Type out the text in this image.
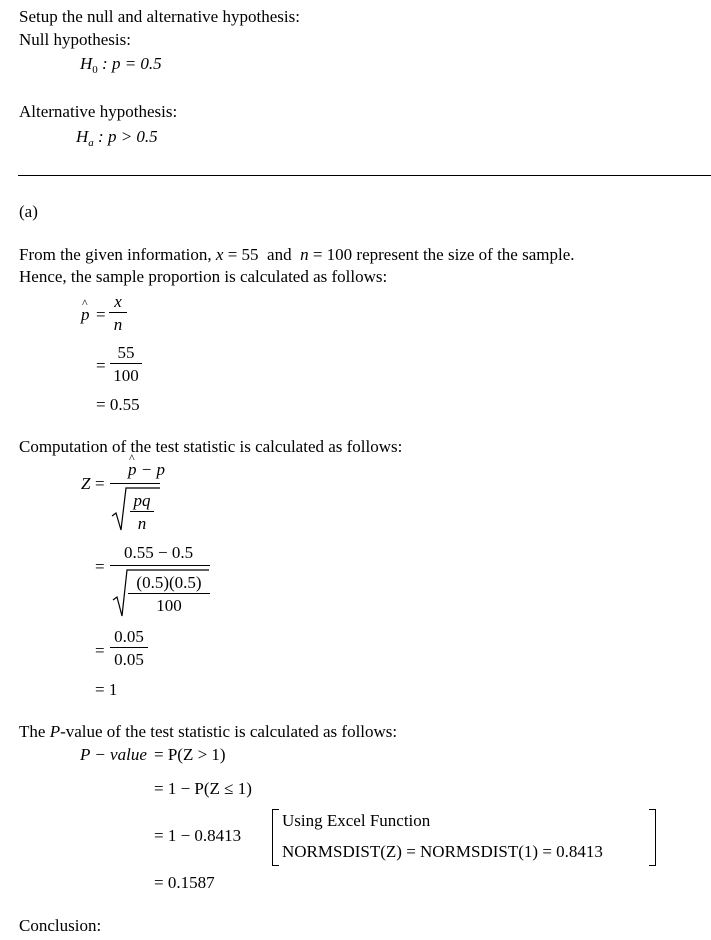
Setup the null and alternative hypothesis:
Null hypothesis:
$H_0$ : p = 0.5
Alternative hypothesis:
$H_a$ : p > 0.5
(a)
From the given information, x = 55  and  n = 100 represent the size of the sample.
Hence, the sample proportion is calculated as follows:
^ p =
x
n
=
55
100
= 0.55
Computation of the test statistic is calculated as follows:
Z =
^ p − p
pq
n
=
0.55 − 0.5
(0.5)(0.5)
100
=
0.05
0.05
= 1
The P-value of the test statistic is calculated as follows:
P − value = P(Z > 1)
= 1 − P(Z ≤ 1)
= 1 − 0.8413
Using Excel Function
NORMSDIST(Z) = NORMSDIST(1) = 0.8413
= 0.1587
Conclusion:
